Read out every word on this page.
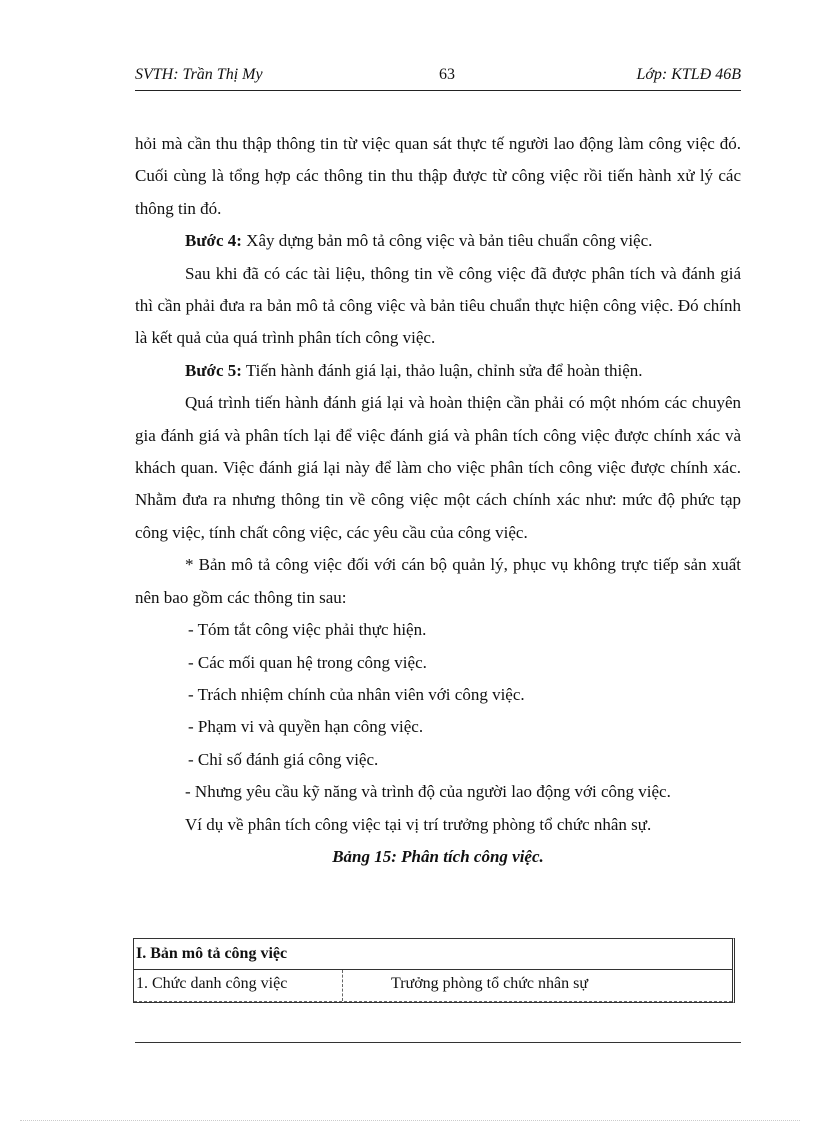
SVTH: Trần Thị My	63	Lớp: KTLĐ 46B

hỏi mà cần thu thập thông tin từ việc quan sát thực tế người lao động làm công việc đó. Cuối cùng là tổng hợp các thông tin thu thập được từ công việc rồi tiến hành xử lý các thông tin đó.

Bước 4: Xây dựng bản mô tả công việc và bản tiêu chuẩn công việc.

Sau khi đã có các tài liệu, thông tin về công việc đã được phân tích và đánh giá thì cần phải đưa ra bản mô tả công việc và bản tiêu chuẩn thực hiện công việc. Đó chính là kết quả của quá trình phân tích công việc.

Bước 5: Tiến hành đánh giá lại, thảo luận, chỉnh sửa để hoàn thiện.

Quá trình tiến hành đánh giá lại và hoàn thiện cần phải có một nhóm các chuyên gia đánh giá và phân tích lại để việc đánh giá và phân tích công việc được chính xác và khách quan. Việc đánh giá lại này để làm cho việc phân tích công việc được chính xác. Nhằm đưa ra nhưng thông tin về công việc một cách chính xác như: mức độ phức tạp công việc, tính chất công việc, các yêu cầu của công việc.

* Bản mô tả công việc đối với cán bộ quản lý, phục vụ không trực tiếp sản xuất nên bao gồm các thông tin sau:

- Tóm tắt công việc phải thực hiện.

- Các mối quan hệ trong công việc.

- Trách nhiệm chính của nhân viên với công việc.

- Phạm vi và quyền hạn công việc.

- Chỉ số đánh giá công việc.

- Nhưng yêu cầu kỹ năng và trình độ của người lao động với công việc.

Ví dụ về phân tích công việc tại vị trí trưởng phòng tổ chức nhân sự.

Bảng 15: Phân tích công việc.

I. Bản mô tả công việc
1. Chức danh công việc	Trưởng phòng tổ chức nhân sự
